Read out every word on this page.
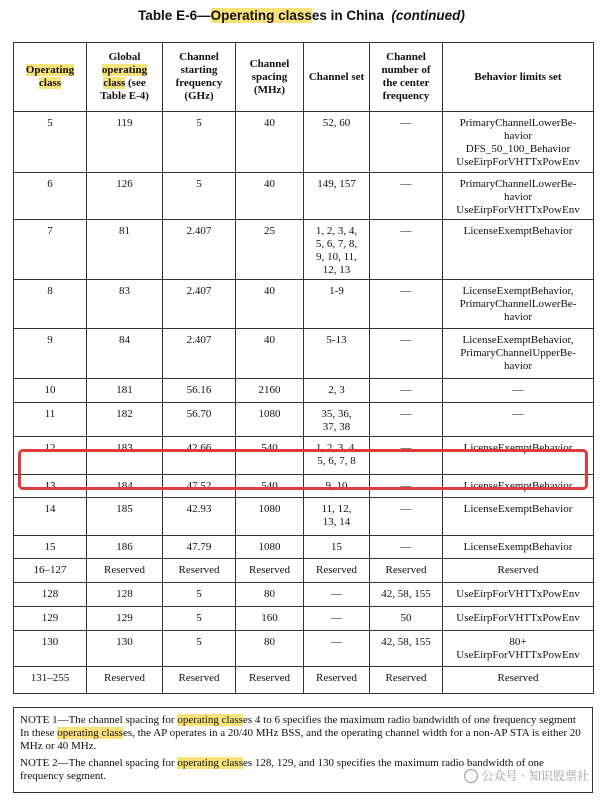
Table E-6—Operating classes in China (continued)
Operating class	Global operating class (see Table E-4)	Channel starting frequency (GHz)	Channel spacing (MHz)	Channel set	Channel number of the center frequency	Behavior limits set
5	119	5	40	52, 60	—	PrimaryChannelLowerBe-
havior
DFS_50_100_Behavior
UseEirpForVHTTxPowEnv
6	126	5	40	149, 157	—	PrimaryChannelLowerBe-
havior
UseEirpForVHTTxPowEnv
7	81	2.407	25	1, 2, 3, 4,
5, 6, 7, 8,
9, 10, 11,
12, 13	—	LicenseExemptBehavior
8	83	2.407	40	1-9	—	LicenseExemptBehavior,
PrimaryChannelLowerBe-
havior
9	84	2.407	40	5-13	—	LicenseExemptBehavior,
PrimaryChannelUpperBe-
havior
10	181	56.16	2160	2, 3	—	—
11	182	56.70	1080	35, 36,
37, 38	—	—
12	183	42.66	540	1, 2, 3, 4,
5, 6, 7, 8	—	LicenseExemptBehavior
13	184	47.52	540	9, 10	—	LicenseExemptBehavior
14	185	42.93	1080	11, 12,
13, 14	—	LicenseExemptBehavior
15	186	47.79	1080	15	—	LicenseExemptBehavior
16–127	Reserved	Reserved	Reserved	Reserved	Reserved	Reserved
128	128	5	80	—	42, 58, 155	UseEirpForVHTTxPowEnv
129	129	5	160	—	50	UseEirpForVHTTxPowEnv
130	130	5	80	—	42, 58, 155	80+
UseEirpForVHTTxPowEnv
131–255	Reserved	Reserved	Reserved	Reserved	Reserved	Reserved

NOTE 1—The channel spacing for operating classes 4 to 6 specifies the maximum radio bandwidth of one frequency segment In these operating classes, the AP operates in a 20/40 MHz BSS, and the operating channel width for a non-AP STA is either 20 MHz or 40 MHz.

NOTE 2—The channel spacing for operating classes 128, 129, and 130 specifies the maximum radio bandwidth of one frequency segment.	公众号 · 知识股票社
